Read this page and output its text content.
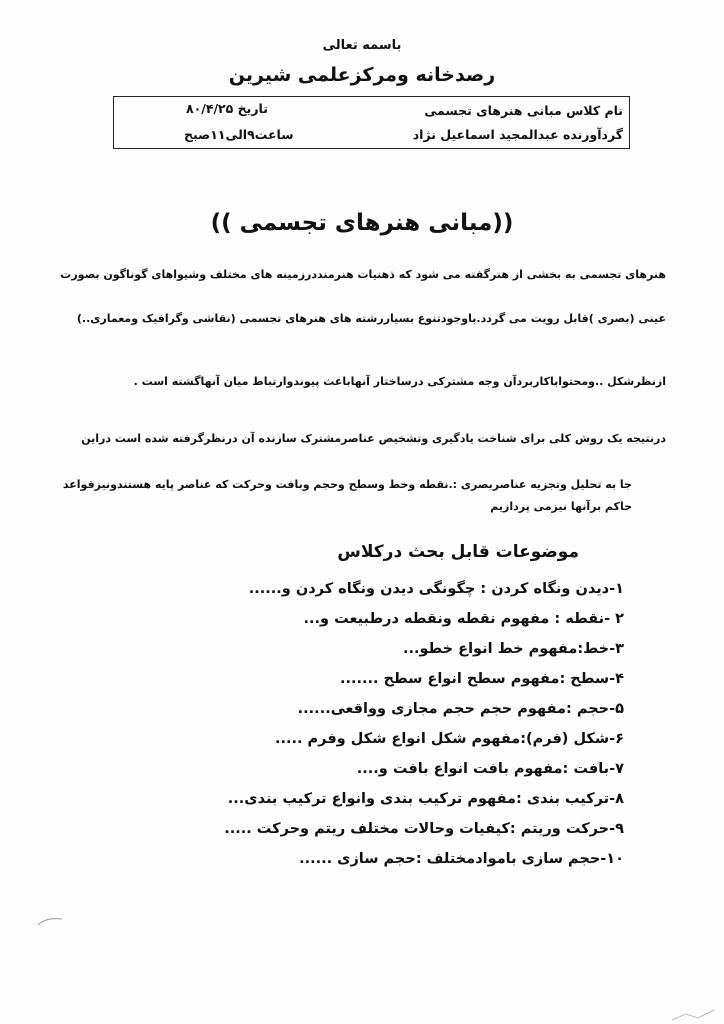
باسمه تعالی
رصدخانه ومرکزعلمی شیرین
نام کلاس مبانی هنرهای تجسمی
گردآورنده عبدالمجید اسماعیل نژاد
تاریخ ۸۰/۴/۲۵
ساعت۹الی۱۱صبح
((مبانی هنرهای تجسمی ))
هنرهای تجسمی به بخشی از هنرگفته می شود که ذهنیات هنرمنددرزمینه های مختلف وشیواهای گوناگون بصورت
عینی (بصری )قابل رویت می گردد.باوجودتنوع بسیاررشته های هنرهای تجسمی (نقاشی وگرافیک ومعماری..)
ازنظرشکل ..ومحتواباکاربردآن وجه مشترکی درساختار آنهاباعث پیوندوارتباط میان آنهاگشته است .
درنتیجه یک روش کلی برای شناخت یادگیری وتشخیص عناصرمشترک سازنده آن درنظرگرفته شده است دراین
جا به تحلیل وتجزیه عناصربصری :.نقطه وخط وسطح وحجم وبافت وحرکت که عناصر پایه هستندونیزقواعد
حاکم برآنها نیزمی پردازیم
موضوعات قابل بحث درکلاس
۱-دیدن ونگاه کردن : چگونگی دیدن ونگاه کردن و......
۲ -نقطه : مفهوم نقطه ونقطه درطبیعت و...
۳-خط:مفهوم خط انواع خطو...
۴-سطح :مفهوم سطح انواع سطح .......
۵-حجم :مفهوم حجم حجم مجازی وواقعی......
۶-شکل (فرم):مفهوم شکل انواع شکل وفرم .....
۷-بافت :مفهوم بافت انواع بافت و....
۸-ترکیب بندی :مفهوم ترکیب بندی وانواع ترکیب بندی...
۹-حرکت وریتم :کیفیات وحالات مختلف ریتم وحرکت .....
۱۰-حجم سازی باموادمختلف :حجم سازی ......
